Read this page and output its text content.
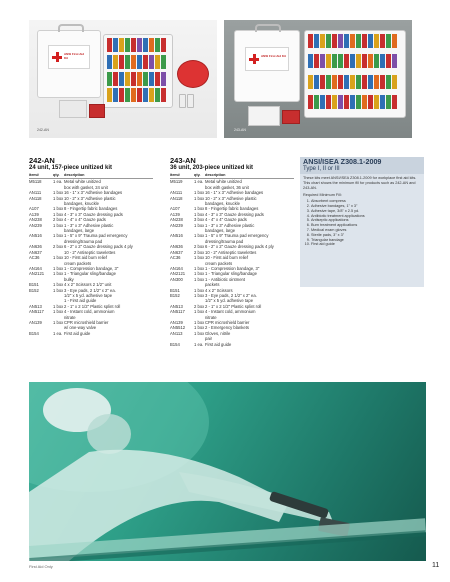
ANSI First Aid Kit
242-AN
ANSI First Aid Kit
243-AN
242-AN
24 unit, 157-piece unitized kit
item#	qty.	description
M5118	1 ea. Metal white unitized
box with gasket, 24 unit
AN111	1 box 16 - 1" x 3" Adhesive bandages
AN118	1 box 10 - 2" x 3" Adhesive plastic
bandages, knuckle
A107	1 box 8 - Fingertip fabric bandages
A139	1 box 4 - 3" x 3" Gauze dressing pads
AN238	2 box 4 - 4" x 4" Gauze pads
AN239	1 box 1 - 3" x 3" Adhesive plastic
bandages, large
AN516	1 box 1 - 5" x 9" Trauma pad emergency
dressing/trauma pad
AN636	2 box 6 - 2" x 2" Gauze dressing pads 4 ply
AN637	10 - 2" Antiseptic towelettes
AC36	1 box 10 - First aid burn relief
cream packets
AN164	1 box 1 - Compression bandage, 3"
AN2121	1 box 1 - Triangular sling/bandage
bulky
B151	1 box 4 x 2" Scissors 2 1/2" unit
B152	1 box 3 - Eye pads, 2 1/2" x 2" ea.
1/2" x 5 yd. adhesive tape
1 - First aid guide
AN513	1 box 2 - 1" x 2 1/2" Plastic splint roll
AN5117	1 box 4 - Instant cold, ammonium
nitrate
AN139	1 box CPR microshield barrier
w/ one-way valve
B154	1 ea. First aid guide
243-AN
36 unit, 203-piece unitized kit
item#	qty.	description
M5119	1 ea. Metal white unitized
box with gasket, 36 unit
AN111	1 box 16 - 1" x 3" Adhesive bandages
AN118	1 box 10 - 2" x 3" Adhesive plastic
bandages, knuckle
A107	1 box 8 - Fingertip fabric bandages
A139	1 box 4 - 3" x 3" Gauze dressing pads
AN238	3 box 4 - 4" x 4" Gauze pads
AN239	1 box 1 - 3" x 3" Adhesive plastic
bandages, large
AN516	1 box 1 - 5" x 9" Trauma pad emergency
dressing/trauma pad
AN636	2 box 6 - 2" x 2" Gauze dressing pads 4 ply
AN637	2 box 10 - 2" Antiseptic towelettes
AC36	1 box 10 - First aid burn relief
cream packets
AN164	1 box 1 - Compression bandage, 3"
AN2121	1 box 1 - Triangular sling/bandage
AN300	1 box 1 - Antibiotic ointment
packets
B151	1 box 4 x 2" Scissors
B152	1 box 3 - Eye pads, 2 1/2" x 2" ea.
1/2" x 5 yd. adhesive tape
AN513	2 box 2 - 1" x 2 1/2" Plastic splint roll
AN5117	1 box 4 - Instant cold, ammonium
nitrate
AN139	1 box CPR microshield barrier
AN5512	1 box 2 - Emergency blankets
AN113	1 box Gloves, nitrile
pair
B154	1 ea. First aid guide
ANSI/ISEA Z308.1-2009
Type I, II or III
These kits meet ANSI/ISEA Z308.1-2009 for workplace first aid kits. This chart shows the minimum fill for products such as 242-AN and 243-AN.
Required Minimum Fill:
1. Absorbent compress
2. Adhesive bandages, 1" x 3"
3. Adhesive tape, 3/8" x 2.5 yd.
4. Antibiotic treatment applications
5. Antiseptic applications
6. Burn treatment applications
7. Medical exam gloves
8. Sterile pads, 3" x 3"
9. Triangular bandage
10. First aid guide
First Aid Only	11
